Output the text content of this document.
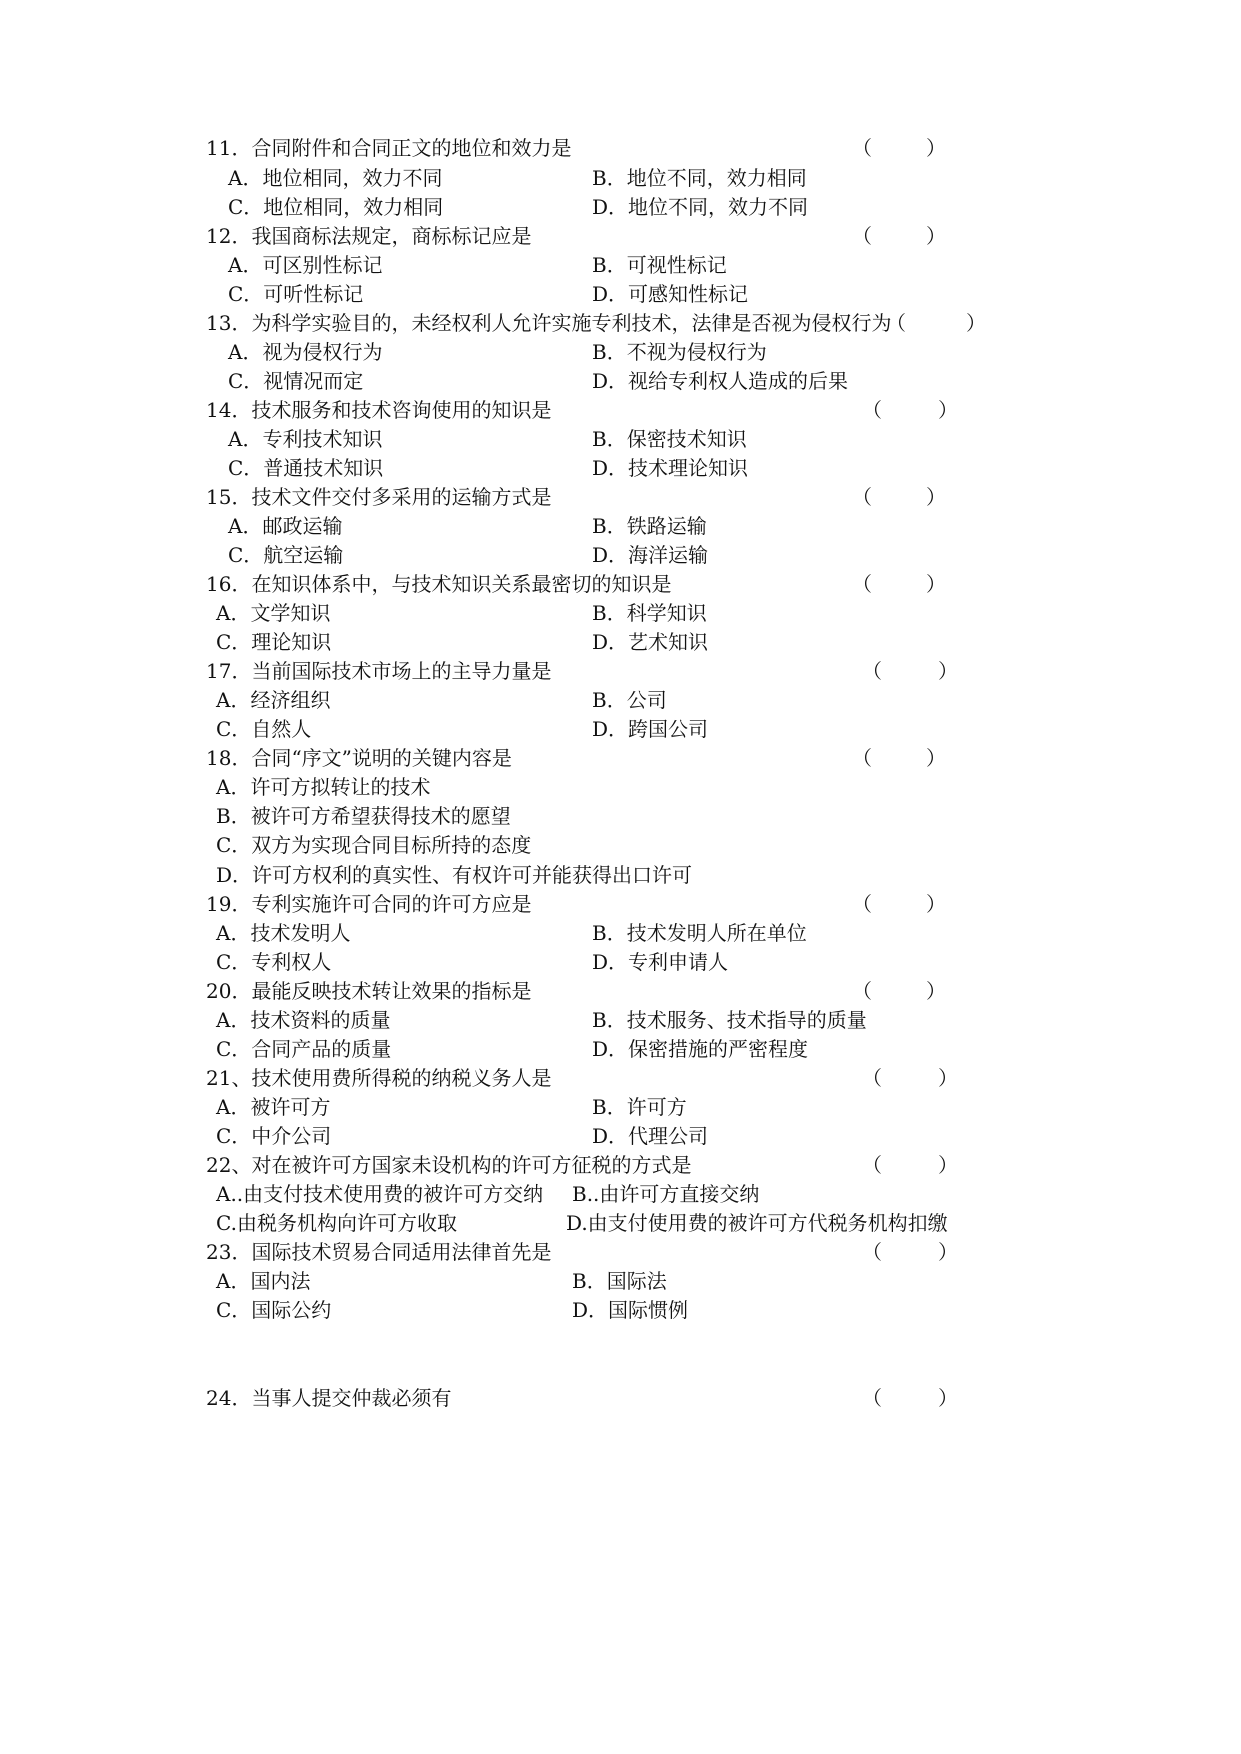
11．合同附件和合同正文的地位和效力是	（	）
A．地位相同，效力不同	B．地位不同，效力相同
C．地位相同，效力相同	D．地位不同，效力不同
12．我国商标法规定，商标标记应是	（	）
A．可区别性标记	B．可视性标记
C．可听性标记	D．可感知性标记
13．为科学实验目的，未经权利人允许实施专利技术，法律是否视为侵权行为
（	）
A．视为侵权行为	B．不视为侵权行为
C．视情况而定	D．视给专利权人造成的后果
14．技术服务和技术咨询使用的知识是	（	）
A．专利技术知识	B．保密技术知识
C．普通技术知识	D．技术理论知识
15．技术文件交付多采用的运输方式是	（	）
A．邮政运输	B．铁路运输
C．航空运输	D．海洋运输
16．在知识体系中，与技术知识关系最密切的知识是	（	）
A．文学知识	B．科学知识
C．理论知识	D．艺术知识
17．当前国际技术市场上的主导力量是	（	）
A．经济组织	B．公司
C．自然人	D．跨国公司
18．合同“序文”说明的关键内容是	（	）
A．许可方拟转让的技术
B．被许可方希望获得技术的愿望
C．双方为实现合同目标所持的态度
D．许可方权利的真实性、有权许可并能获得出口许可
19．专利实施许可合同的许可方应是	（	）
A．技术发明人	B．技术发明人所在单位
C．专利权人	D．专利申请人
20．最能反映技术转让效果的指标是	（	）
A．技术资料的质量	B．技术服务、技术指导的质量
C．合同产品的质量	D．保密措施的严密程度
21、技术使用费所得税的纳税义务人是	（	）
A．被许可方	B．许可方
C．中介公司	D．代理公司
22、对在被许可方国家未设机构的许可方征税的方式是	（	）
A..由支付技术使用费的被许可方交纳 B..由许可方直接交纳
C.由税务机构向许可方收取	D.由支付使用费的被许可方代税务机构扣缴
23．国际技术贸易合同适用法律首先是	（	）
A．国内法	B．国际法
C．国际公约	D．国际惯例
24．当事人提交仲裁必须有	（	）
